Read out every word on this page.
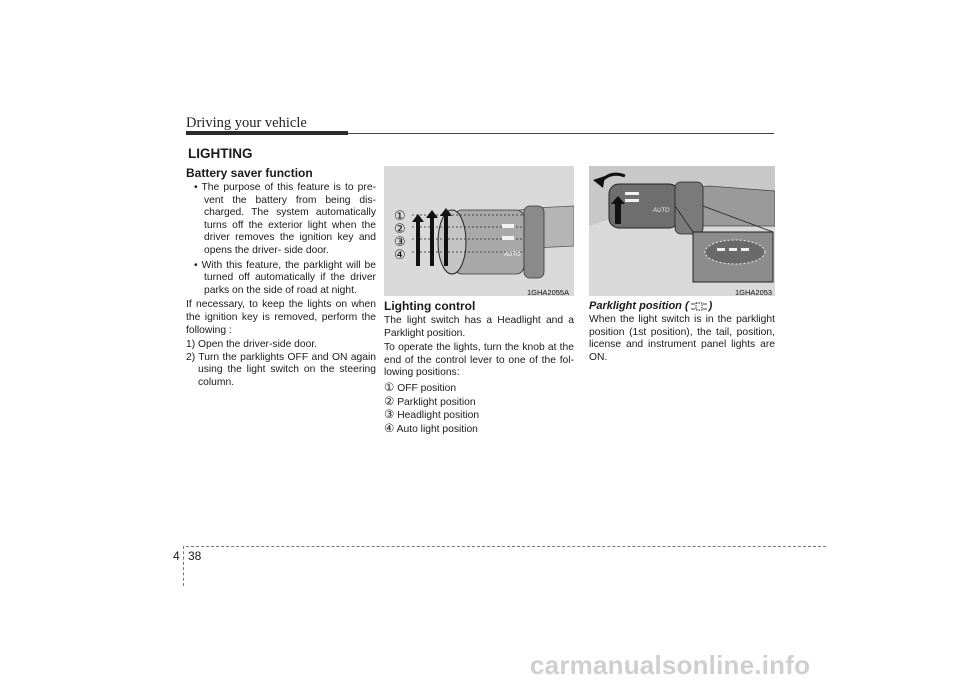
Driving your vehicle
LIGHTING
Battery saver function
• The purpose of this feature is to pre-vent the battery from being dis-charged. The system automatically turns off the exterior light when the driver removes the ignition key and opens the driver- side door.
• With this feature, the parklight will be turned off automatically if the driver parks on the side of road at night.

If necessary, to keep the lights on when the ignition key is removed, perform the following :

1) Open the driver-side door.
2) Turn the parklights OFF and ON again using the light switch on the steering column.
AUTO
①
②
③
④
1GHA2055A
AUTO
1GHA2053
Lighting control

The light switch has a Headlight and a Parklight position.

To operate the lights, turn the knob at the end of the control lever to one of the fol-lowing positions:

① OFF position
② Parklight position
③ Headlight position
④ Auto light position
Parklight position ( )

When the light switch is in the parklight position (1st position), the tail, position, license and instrument panel lights are ON.

4 38
carmanualsonline.info
